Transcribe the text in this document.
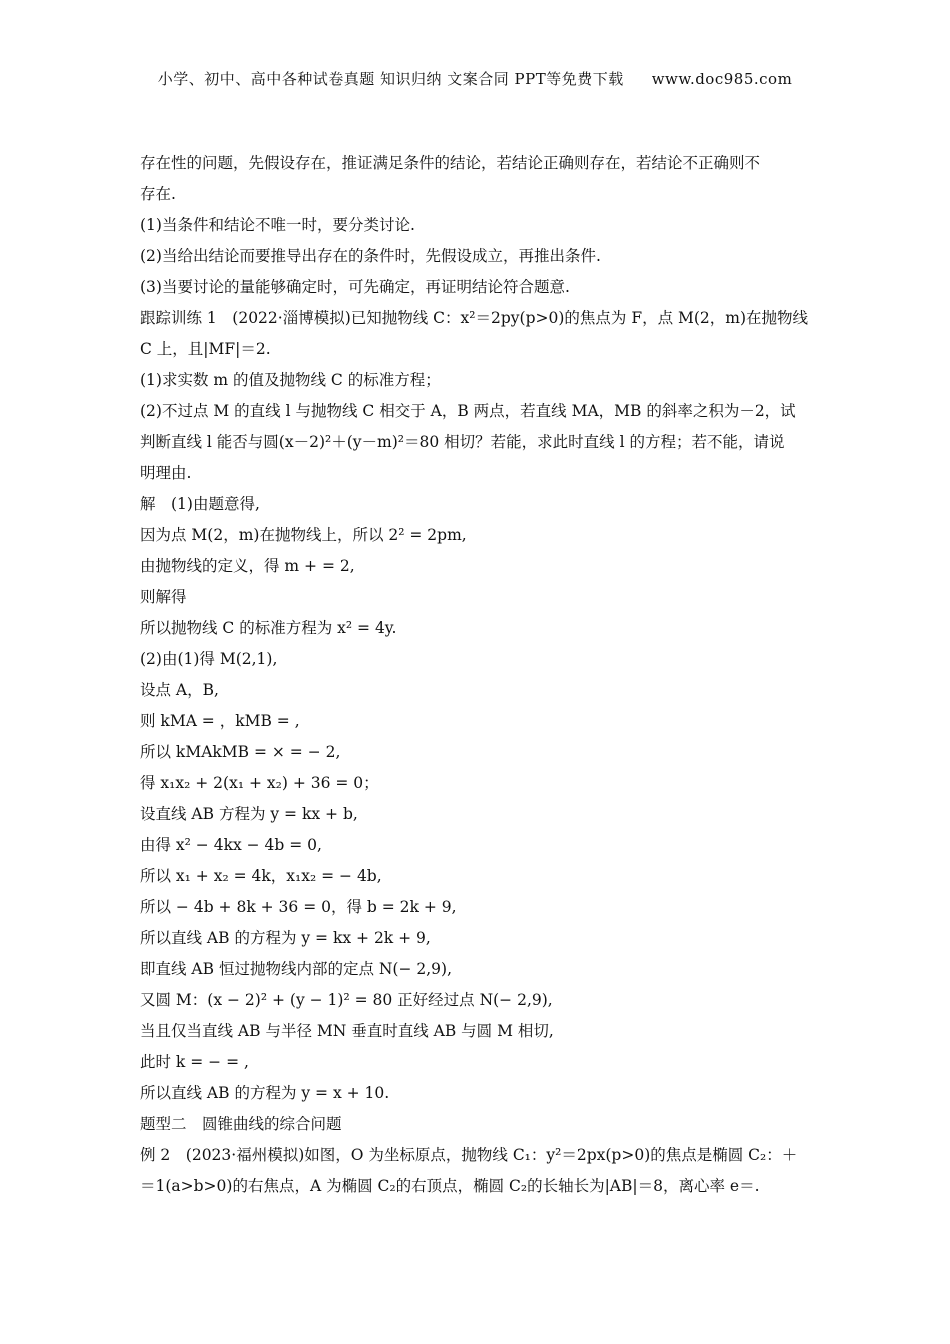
小学、初中、高中各种试卷真题 知识归纳 文案合同 PPT等免费下载 www.doc985.com
存在性的问题，先假设存在，推证满足条件的结论，若结论正确则存在，若结论不正确则不
存在.
(1)当条件和结论不唯一时，要分类讨论.
(2)当给出结论而要推导出存在的条件时，先假设成立，再推出条件.
(3)当要讨论的量能够确定时，可先确定，再证明结论符合题意.
跟踪训练 1　(2022·淄博模拟)已知抛物线 C：x²＝2py(p>0)的焦点为 F，点 M(2，m)在抛物线
C 上，且|MF|＝2.
(1)求实数 m 的值及抛物线 C 的标准方程；
(2)不过点 M 的直线 l 与抛物线 C 相交于 A，B 两点，若直线 MA，MB 的斜率之积为－2，试
判断直线 l 能否与圆(x－2)²＋(y－m)²＝80 相切？若能，求此时直线 l 的方程；若不能，请说
明理由.
解　(1)由题意得,
因为点 M(2，m)在抛物线上，所以 2² = 2pm,
由抛物线的定义，得 m + = 2,
则解得
所以抛物线 C 的标准方程为 x² = 4y.
(2)由(1)得 M(2,1),
设点 A，B,
则 kMA = ，kMB = ,
所以 kMAkMB = × = − 2,
得 x₁x₂ + 2(x₁ + x₂) + 36 = 0；
设直线 AB 方程为 y = kx + b,
由得 x² − 4kx − 4b = 0,
所以 x₁ + x₂ = 4k，x₁x₂ = − 4b,
所以 − 4b + 8k + 36 = 0，得 b = 2k + 9,
所以直线 AB 的方程为 y = kx + 2k + 9,
即直线 AB 恒过抛物线内部的定点 N(− 2,9),
又圆 M：(x − 2)² + (y − 1)² = 80 正好经过点 N(− 2,9),
当且仅当直线 AB 与半径 MN 垂直时直线 AB 与圆 M 相切,
此时 k = − = ,
所以直线 AB 的方程为 y = x + 10.
题型二　圆锥曲线的综合问题
例 2　(2023·福州模拟)如图，O 为坐标原点，抛物线 C₁：y²＝2px(p>0)的焦点是椭圆 C₂：＋
＝1(a>b>0)的右焦点，A 为椭圆 C₂的右顶点，椭圆 C₂的长轴长为|AB|＝8，离心率 e＝.
